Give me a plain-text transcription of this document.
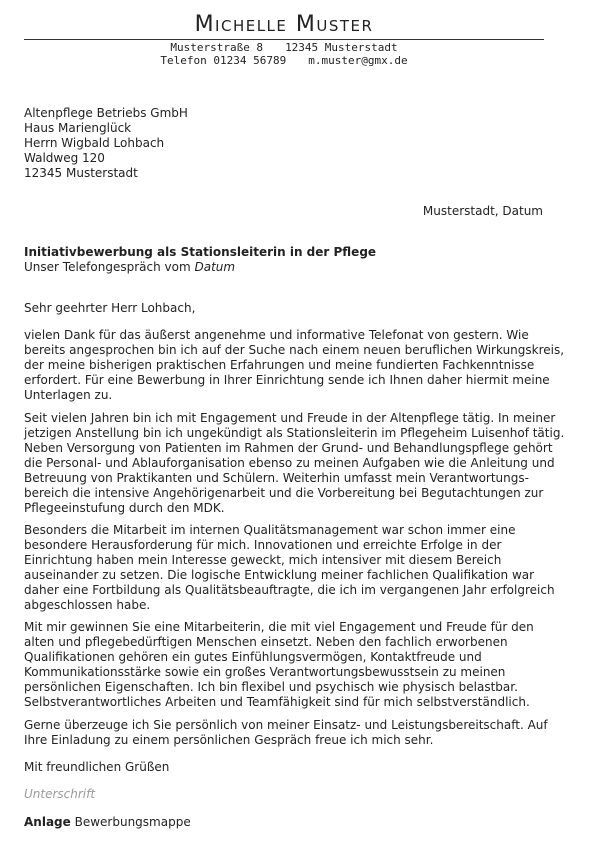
Michelle Muster
Musterstraße 8 12345 Musterstadt
Telefon 01234 56789 m.muster@gmx.de
Altenpflege Betriebs GmbH
Haus Marienglück
Herrn Wigbald Lohbach
Waldweg 120
12345 Musterstadt
Musterstadt, Datum
Initiativbewerbung als Stationsleiterin in der Pflege
Unser Telefongespräch vom Datum
Sehr geehrter Herr Lohbach,
vielen Dank für das äußerst angenehme und informative Telefonat von gestern. Wie
bereits angesprochen bin ich auf der Suche nach einem neuen beruflichen Wirkungskreis,
der meine bisherigen praktischen Erfahrungen und meine fundierten Fachkenntnisse
erfordert. Für eine Bewerbung in Ihrer Einrichtung sende ich Ihnen daher hiermit meine
Unterlagen zu.
Seit vielen Jahren bin ich mit Engagement und Freude in der Altenpflege tätig. In meiner
jetzigen Anstellung bin ich ungekündigt als Stationsleiterin im Pflegeheim Luisenhof tätig.
Neben Versorgung von Patienten im Rahmen der Grund- und Behandlungspflege gehört
die Personal- und Ablauforganisation ebenso zu meinen Aufgaben wie die Anleitung und
Betreuung von Praktikanten und Schülern. Weiterhin umfasst mein Verantwortungs-
bereich die intensive Angehörigenarbeit und die Vorbereitung bei Begutachtungen zur
Pflegeeinstufung durch den MDK.
Besonders die Mitarbeit im internen Qualitätsmanagement war schon immer eine
besondere Herausforderung für mich. Innovationen und erreichte Erfolge in der
Einrichtung haben mein Interesse geweckt, mich intensiver mit diesem Bereich
auseinander zu setzen. Die logische Entwicklung meiner fachlichen Qualifikation war
daher eine Fortbildung als Qualitätsbeauftragte, die ich im vergangenen Jahr erfolgreich
abgeschlossen habe.
Mit mir gewinnen Sie eine Mitarbeiterin, die mit viel Engagement und Freude für den
alten und pflegebedürftigen Menschen einsetzt. Neben den fachlich erworbenen
Qualifikationen gehören ein gutes Einfühlungsvermögen, Kontaktfreude und
Kommunikationsstärke sowie ein großes Verantwortungsbewusstsein zu meinen
persönlichen Eigenschaften. Ich bin flexibel und psychisch wie physisch belastbar.
Selbstverantwortliches Arbeiten und Teamfähigkeit sind für mich selbstverständlich.
Gerne überzeuge ich Sie persönlich von meiner Einsatz- und Leistungsbereitschaft. Auf
Ihre Einladung zu einem persönlichen Gespräch freue ich mich sehr.
Mit freundlichen Grüßen
Unterschrift
Anlage Bewerbungsmappe
